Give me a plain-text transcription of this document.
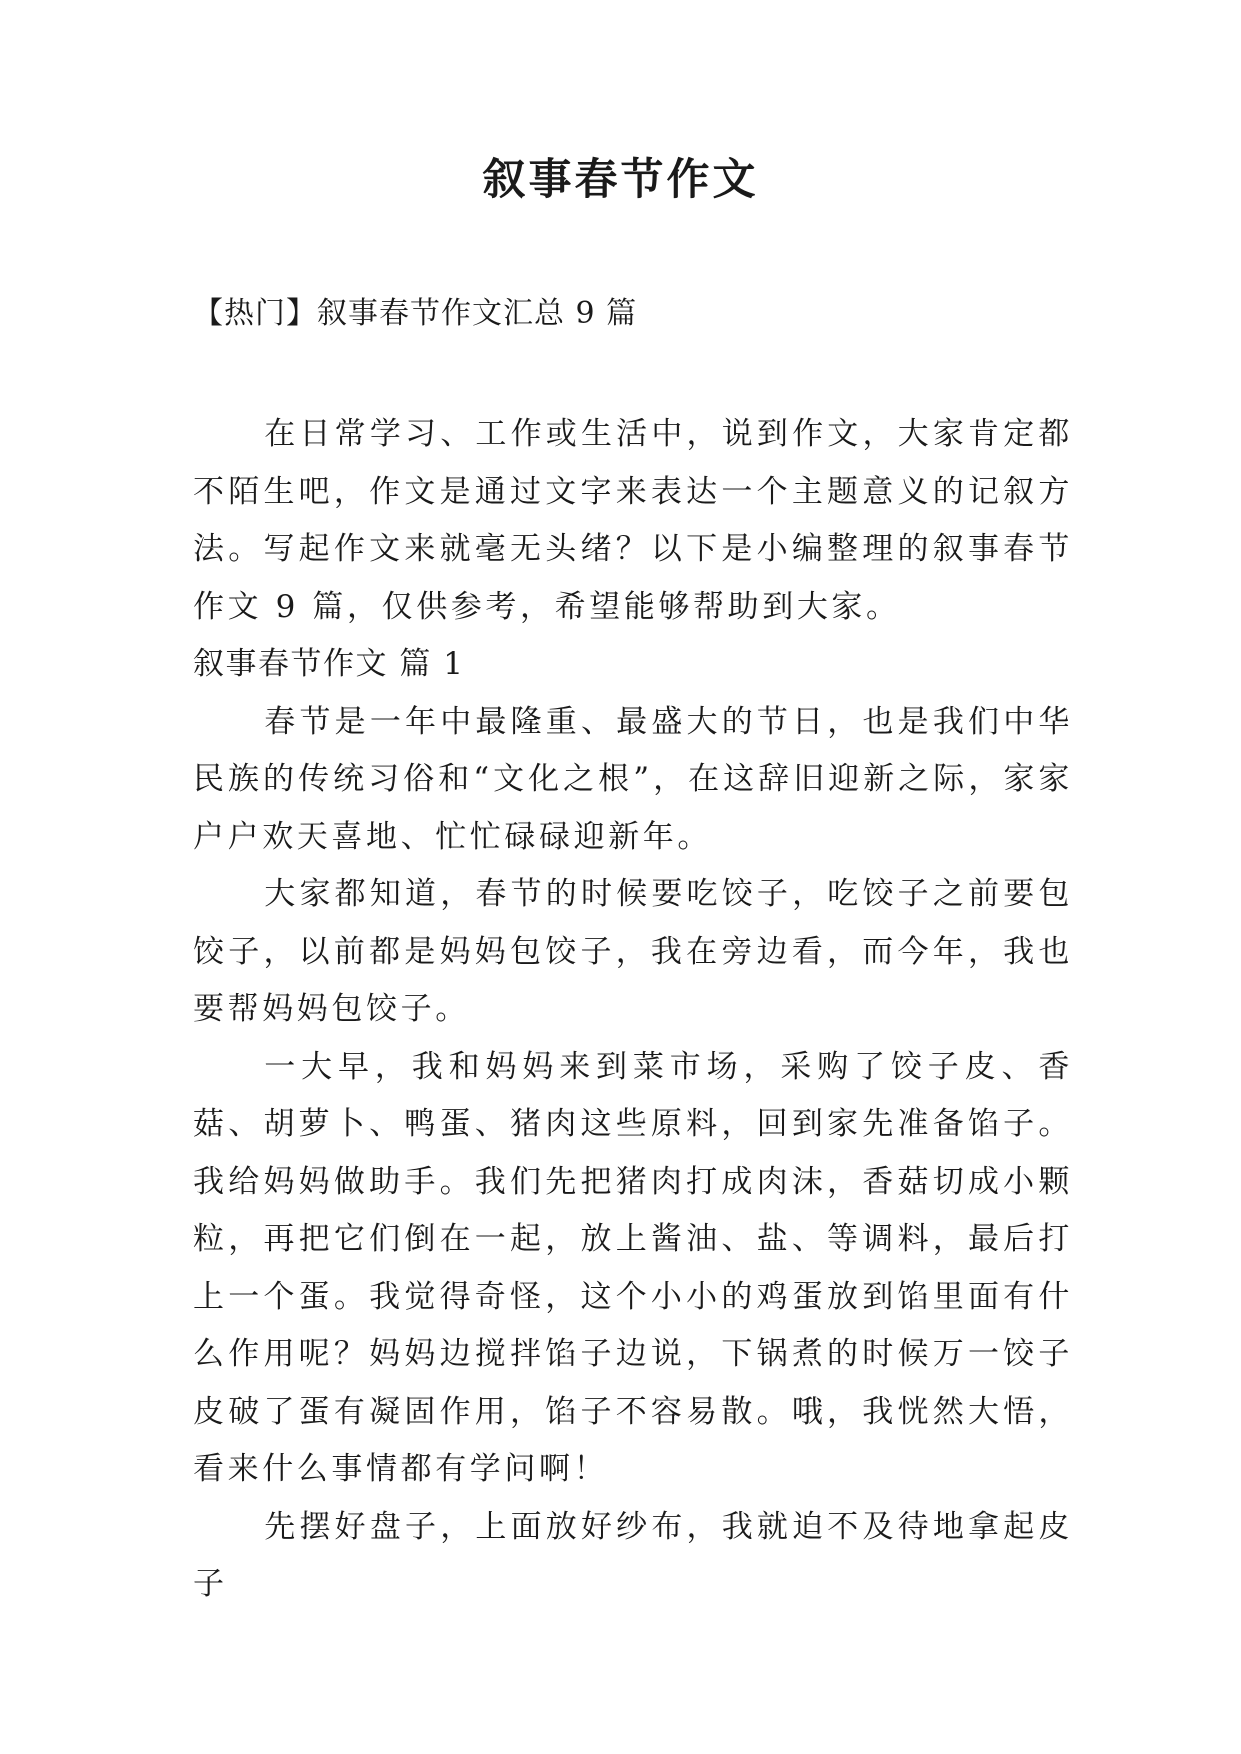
叙事春节作文
【热门】叙事春节作文汇总 9 篇

在日常学习、工作或生活中，说到作文，大家肯定都不陌生吧，作文是通过文字来表达一个主题意义的记叙方法。写起作文来就毫无头绪？以下是小编整理的叙事春节作文 9 篇，仅供参考，希望能够帮助到大家。

叙事春节作文 篇 1

春节是一年中最隆重、最盛大的节日，也是我们中华民族的传统习俗和“文化之根”，在这辞旧迎新之际，家家户户欢天喜地、忙忙碌碌迎新年。

大家都知道，春节的时候要吃饺子，吃饺子之前要包饺子，以前都是妈妈包饺子，我在旁边看，而今年，我也要帮妈妈包饺子。

一大早，我和妈妈来到菜市场，采购了饺子皮、香菇、胡萝卜、鸭蛋、猪肉这些原料，回到家先准备馅子。我给妈妈做助手。我们先把猪肉打成肉沫，香菇切成小颗粒，再把它们倒在一起，放上酱油、盐、等调料，最后打上一个蛋。我觉得奇怪，这个小小的鸡蛋放到馅里面有什么作用呢？妈妈边搅拌馅子边说，下锅煮的时候万一饺子皮破了蛋有凝固作用，馅子不容易散。哦，我恍然大悟，看来什么事情都有学问啊！

先摆好盘子，上面放好纱布，我就迫不及待地拿起皮子
